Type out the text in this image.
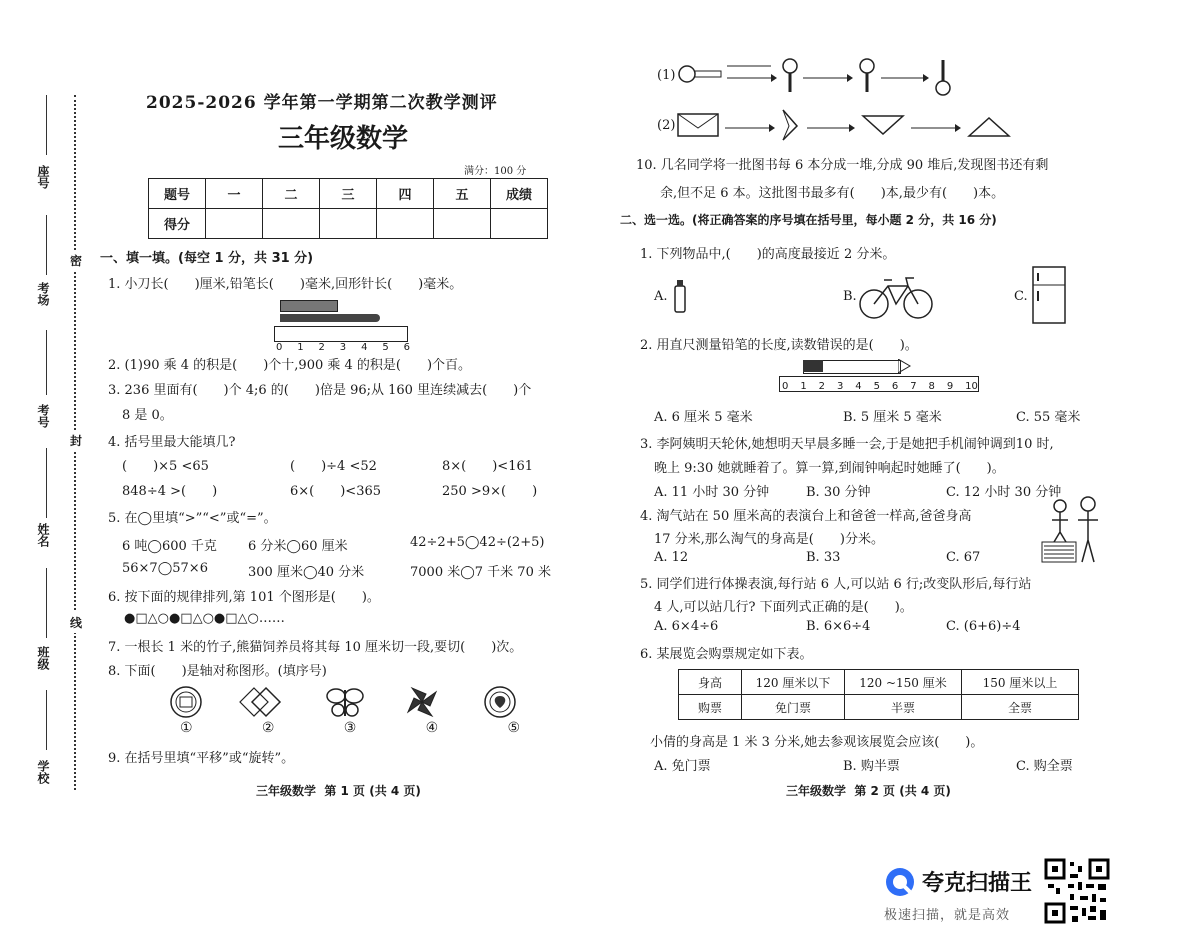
座号
考场
考号
姓名
班级
学校
密
封
线
2025-2026 学年第一学期第二次教学测评
三年级数学
满分：100 分
题号	一	二	三	四	五	成绩
得分						
一、填一填。(每空 1 分，共 31 分)
1. 小刀长(　　)厘米,铅笔长(　　)毫米,回形针长(　　)毫米。
0 1 2 3 4 5 6
2. (1)90 乘 4 的积是(　　)个十,900 乘 4 的积是(　　)个百。
3. 236 里面有(　　)个 4;6 的(　　)倍是 96;从 160 里连续减去(　　)个
8 是 0。
4. 括号里最大能填几?
(　　)×5 <65	(　　)÷4 <52	8×(　　)<161
848÷4 >(　　)	6×(　　)<365	250 >9×(　　)
5. 在◯里填“>”“<”或“=”。
6 吨◯600 千克 6 分米◯60 厘米	42÷2+5◯42÷(2+5)
56×7◯57×6	300 厘米◯40 分米	7000 米◯7 千米 70 米
6. 按下面的规律排列,第 101 个图形是(　　)。
●□△○●□△○●□△○……
7. 一根长 1 米的竹子,熊猫饲养员将其每 10 厘米切一段,要切(　　)次。
8. 下面(　　)是轴对称图形。(填序号)
①	②	③	④	⑤
9. 在括号里填“平移”或“旋转”。
三年级数学  第 1 页 (共 4 页)
(1)
(2)
10. 几名同学将一批图书每 6 本分成一堆,分成 90 堆后,发现图书还有剩
余,但不足 6 本。这批图书最多有(　　)本,最少有(　　)本。
二、选一选。(将正确答案的序号填在括号里，每小题 2 分，共 16 分)
1. 下列物品中,(　　)的高度最接近 2 分米。
A.	B.	C.
2. 用直尺测量铅笔的长度,读数错误的是(　　)。
0 1 2 3 4 5 6 7 8 9 10
A. 6 厘米 5 毫米	B. 5 厘米 5 毫米	C. 55 毫米
3. 李阿姨明天轮休,她想明天早晨多睡一会,于是她把手机闹钟调到10 时,
晚上 9:30 她就睡着了。算一算,到闹钟响起时她睡了(　　)。
A. 11 小时 30 分钟	B. 30 分钟	C. 12 小时 30 分钟
4. 淘气站在 50 厘米高的表演台上和爸爸一样高,爸爸身高
17 分米,那么淘气的身高是(　　)分米。
A. 12	B. 33	C. 67
5. 同学们进行体操表演,每行站 6 人,可以站 6 行;改变队形后,每行站
4 人,可以站几行? 下面列式正确的是(　　)。
A. 6×4÷6	B. 6×6÷4	C. (6+6)÷4
6. 某展览会购票规定如下表。
身高	120 厘米以下	120 ~150 厘米	150 厘米以上
购票	免门票	半票	全票
小倩的身高是 1 米 3 分米,她去参观该展览会应该(　　)。
A. 免门票	B. 购半票	C. 购全票
三年级数学  第 2 页 (共 4 页)
夸克扫描王
极速扫描，就是高效
